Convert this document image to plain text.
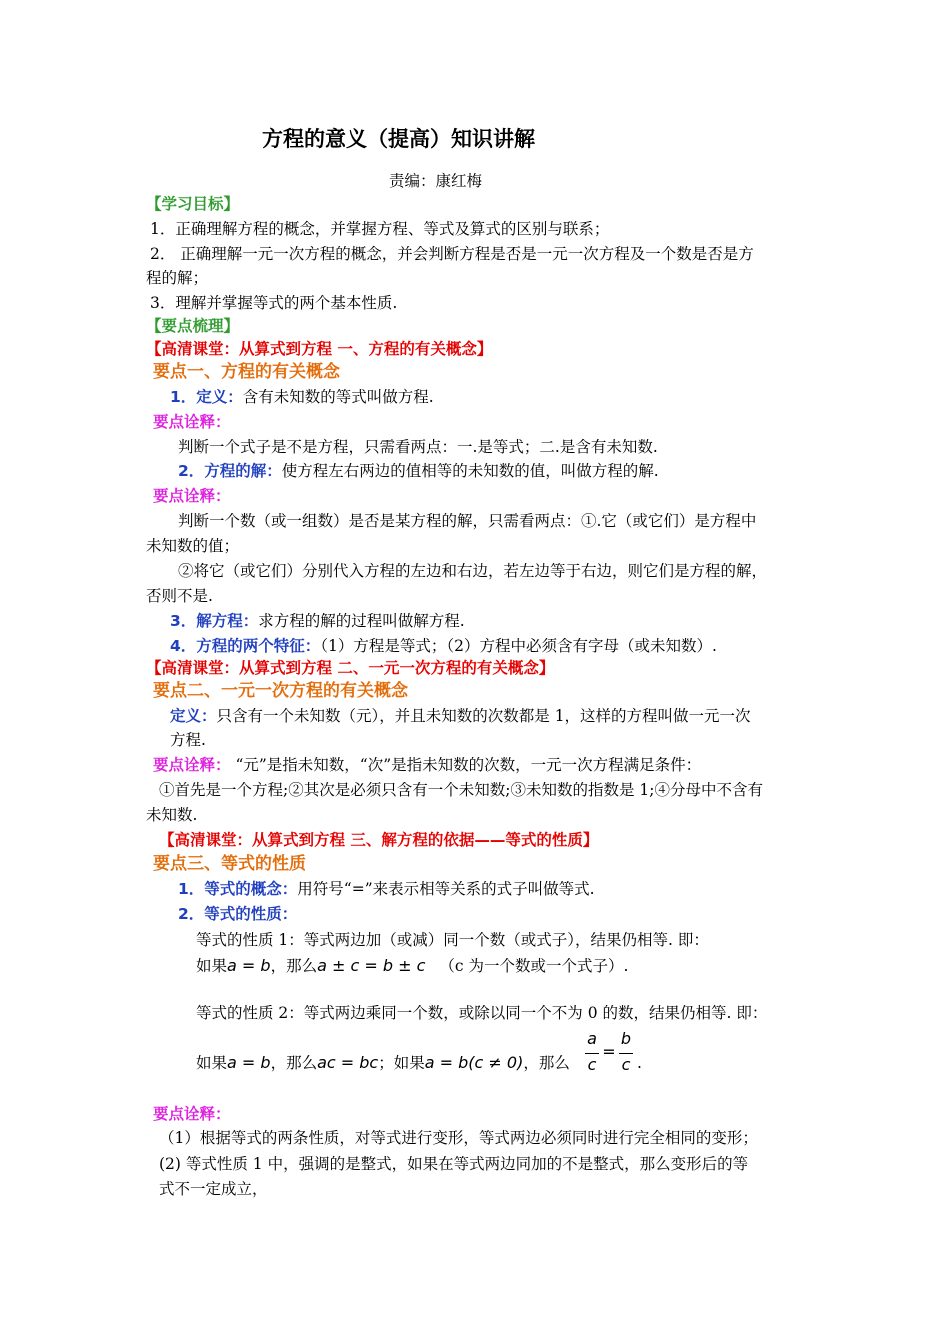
方程的意义（提高）知识讲解
责编：康红梅
【学习目标】
1．正确理解方程的概念，并掌握方程、等式及算式的区别与联系；
2． 正确理解一元一次方程的概念，并会判断方程是否是一元一次方程及一个数是否是方
程的解；
3．理解并掌握等式的两个基本性质.
【要点梳理】
【高清课堂：从算式到方程 一、方程的有关概念】
要点一、方程的有关概念
1．定义：含有未知数的等式叫做方程.
要点诠释：
判断一个式子是不是方程，只需看两点：一.是等式；二.是含有未知数.
2．方程的解：使方程左右两边的值相等的未知数的值，叫做方程的解.
要点诠释：
判断一个数（或一组数）是否是某方程的解，只需看两点：①.它（或它们）是方程中
未知数的值；
②将它（或它们）分别代入方程的左边和右边，若左边等于右边，则它们是方程的解，
否则不是.
3．解方程：求方程的解的过程叫做解方程.
4．方程的两个特征：（1）方程是等式；（2）方程中必须含有字母（或未知数）.
【高清课堂：从算式到方程 二、一元一次方程的有关概念】
要点二、一元一次方程的有关概念
定义：只含有一个未知数（元），并且未知数的次数都是 1，这样的方程叫做一元一次
方程.
要点诠释： “元”是指未知数，“次”是指未知数的次数，一元一次方程满足条件：
①首先是一个方程;②其次是必须只含有一个未知数;③未知数的指数是 1;④分母中不含有
未知数.
【高清课堂：从算式到方程 三、解方程的依据——等式的性质】
要点三、等式的性质
1．等式的概念：用符号“=”来表示相等关系的式子叫做等式.
2．等式的性质：
等式的性质 1：等式两边加（或减）同一个数（或式子），结果仍相等. 即：
如果a = b，那么a ± c = b ± c （c 为一个数或一个式子）.
等式的性质 2：等式两边乘同一个数，或除以同一个不为 0 的数，结果仍相等. 即：
如果a = b，那么ac = bc；如果a = b(c ≠ 0)，那么
a
c
=
b
c .
要点诠释：
（1）根据等式的两条性质，对等式进行变形，等式两边必须同时进行完全相同的变形；
(2) 等式性质 1 中，强调的是整式，如果在等式两边同加的不是整式，那么变形后的等
式不一定成立，
